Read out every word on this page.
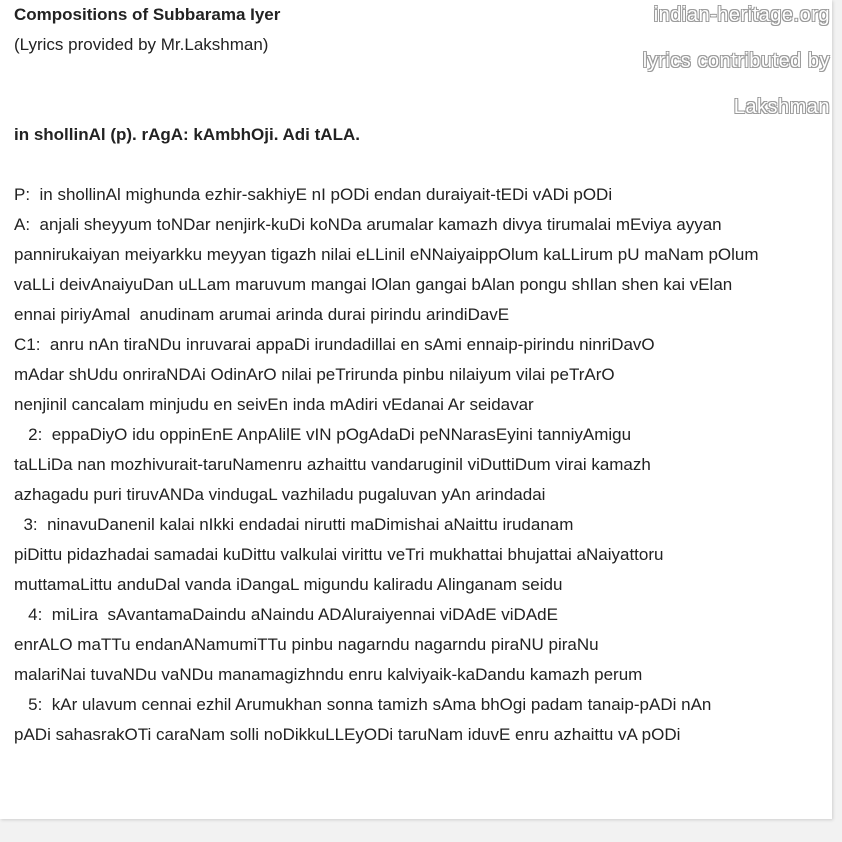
Compositions of Subbarama Iyer
(Lyrics provided by Mr.Lakshman)
indian-heritage.org
lyrics contributed by
Lakshman
in shollinAl (p). rAgA: kAmbhOji. Adi tALA.
P:  in shollinAl mighunda ezhir-sakhiyE nI pODi endan duraiyait-tEDi vADi pODi
A:  anjali sheyyum toNDar nenjirk-kuDi koNDa arumalar kamazh divya tirumalai mEviya ayyan
pannirukaiyan meiyarkku meyyan tigazh nilai eLLinil eNNaiyaippOlum kaLLirum pU maNam pOlum
vaLLi deivAnaiyuDan uLLam maruvum mangai lOlan gangai bAlan pongu shIlan shen kai vElan
ennai piriyAmal  anudinam arumai arinda durai pirindu arindiDavE
C1:  anru nAn tiraNDu inruvarai appaDi irundadillai en sAmi ennaip-pirindu ninriDavO
mAdar shUdu onriraNDAi OdinArO nilai peTrirunda pinbu nilaiyum vilai peTrArO
nenjinil cancalam minjudu en seivEn inda mAdiri vEdanai Ar seidavar
2:  eppaDiyO idu oppinEnE AnpAlilE vIN pOgAdaDi peNNarasEyini tanniyAmigu
taLLiDa nan mozhivurait-taruNamenru azhaittu vandaruginil viDuttiDum virai kamazh
azhagadu puri tiruvANDa vindugaL vazhiladu pugaluvan yAn arindadai
3:  ninavuDanenil kalai nIkki endadai nirutti maDimishai aNaittu irudanam
piDittu pidazhadai samadai kuDittu valkulai virittu veTri mukhattai bhujattai aNaiyattoru
muttamaLittu anduDal vanda iDangaL migundu kaliradu Alinganam seidu
4:  miLira  sAvantamaDaindu aNaindu ADAluraiyennai viDAdE viDAdE
enrALO maTTu endanANamumiTTu pinbu nagarndu nagarndu piraNU piraNu
malariNai tuvaNDu vaNDu manamagizhndu enru kalviyaik-kaDandu kamazh perum
5:  kAr ulavum cennai ezhil Arumukhan sonna tamizh sAma bhOgi padam tanaip-pADi nAn
pADi sahasrakOTi caraNam solli noDikkuLLEyODi taruNam iduvE enru azhaittu vA pODi
